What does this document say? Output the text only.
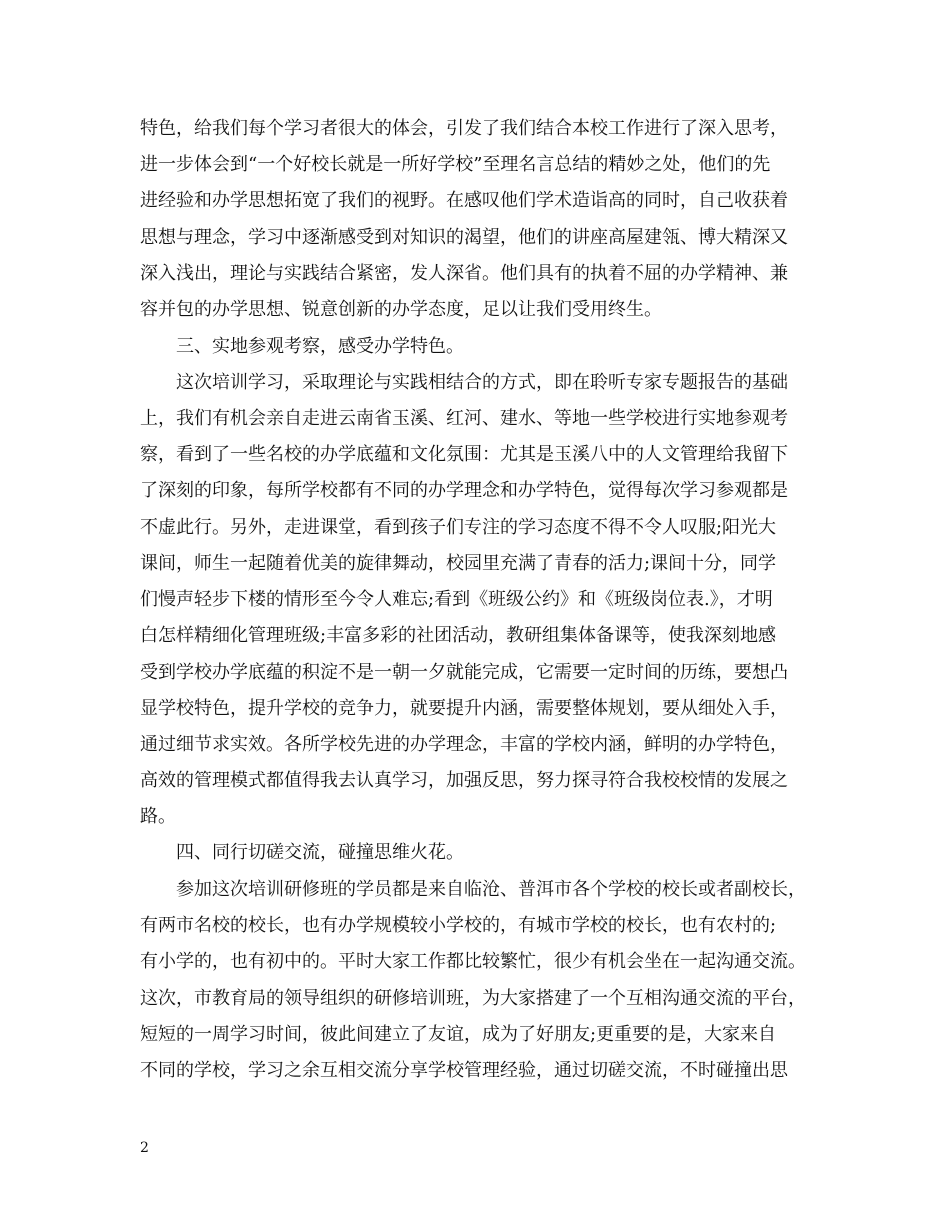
特色，给我们每个学习者很大的体会，引发了我们结合本校工作进行了深入思考，
进一步体会到“一个好校长就是一所好学校”至理名言总结的精妙之处，他们的先
进经验和办学思想拓宽了我们的视野。在感叹他们学术造诣高的同时，自己收获着
思想与理念，学习中逐渐感受到对知识的渴望，他们的讲座高屋建瓴、博大精深又
深入浅出，理论与实践结合紧密，发人深省。他们具有的执着不屈的办学精神、兼
容并包的办学思想、锐意创新的办学态度，足以让我们受用终生。
三、实地参观考察，感受办学特色。
这次培训学习，采取理论与实践相结合的方式，即在聆听专家专题报告的基础
上，我们有机会亲自走进云南省玉溪、红河、建水、等地一些学校进行实地参观考
察，看到了一些名校的办学底蕴和文化氛围：尤其是玉溪八中的人文管理给我留下
了深刻的印象，每所学校都有不同的办学理念和办学特色，觉得每次学习参观都是
不虚此行。另外，走进课堂，看到孩子们专注的学习态度不得不令人叹服;阳光大
课间，师生一起随着优美的旋律舞动，校园里充满了青春的活力;课间十分，同学
们慢声轻步下楼的情形至今令人难忘;看到《班级公约》和《班级岗位表.》，才明
白怎样精细化管理班级;丰富多彩的社团活动，教研组集体备课等，使我深刻地感
受到学校办学底蕴的积淀不是一朝一夕就能完成，它需要一定时间的历练，要想凸
显学校特色，提升学校的竞争力，就要提升内涵，需要整体规划，要从细处入手，
通过细节求实效。各所学校先进的办学理念，丰富的学校内涵，鲜明的办学特色，
高效的管理模式都值得我去认真学习，加强反思，努力探寻符合我校校情的发展之
路。
四、同行切磋交流，碰撞思维火花。
参加这次培训研修班的学员都是来自临沧、普洱市各个学校的校长或者副校长，
有两市名校的校长，也有办学规模较小学校的，有城市学校的校长，也有农村的;
有小学的，也有初中的。平时大家工作都比较繁忙，很少有机会坐在一起沟通交流。
这次，市教育局的领导组织的研修培训班，为大家搭建了一个互相沟通交流的平台，
短短的一周学习时间，彼此间建立了友谊，成为了好朋友;更重要的是，大家来自
不同的学校，学习之余互相交流分享学校管理经验，通过切磋交流，不时碰撞出思
2
